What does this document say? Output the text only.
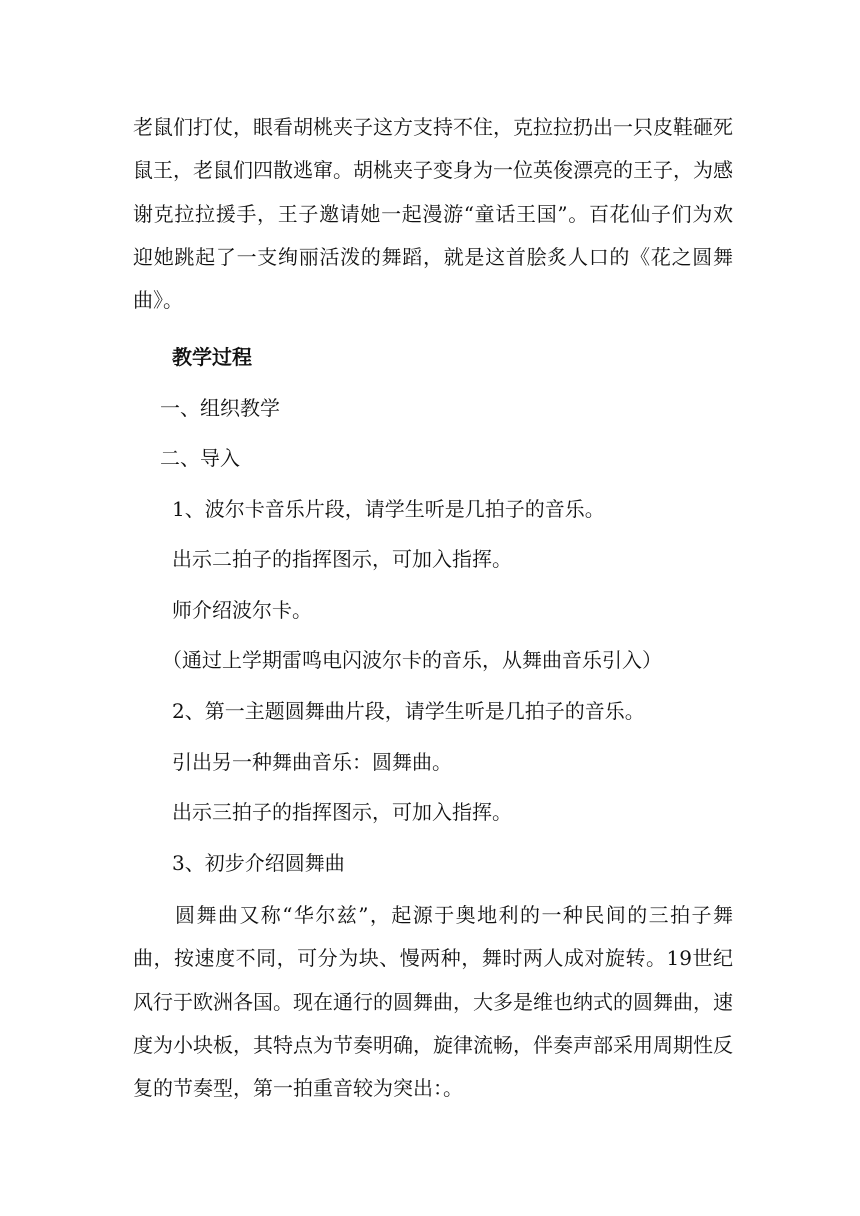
老鼠们打仗，眼看胡桃夹子这方支持不住，克拉拉扔出一只皮鞋砸死鼠王，老鼠们四散逃窜。胡桃夹子变身为一位英俊漂亮的王子，为感谢克拉拉援手，王子邀请她一起漫游“童话王国”。百花仙子们为欢迎她跳起了一支绚丽活泼的舞蹈，就是这首脍炙人口的《花之圆舞曲》。
教学过程
一、组织教学
二、导入
1、波尔卡音乐片段，请学生听是几拍子的音乐。
出示二拍子的指挥图示，可加入指挥。
师介绍波尔卡。
（通过上学期雷鸣电闪波尔卡的音乐，从舞曲音乐引入）
2、第一主题圆舞曲片段，请学生听是几拍子的音乐。
引出另一种舞曲音乐：圆舞曲。
出示三拍子的指挥图示，可加入指挥。
3、初步介绍圆舞曲
圆舞曲又称“华尔兹”，起源于奥地利的一种民间的三拍子舞曲，按速度不同，可分为块、慢两种，舞时两人成对旋转。19世纪风行于欧洲各国。现在通行的圆舞曲，大多是维也纳式的圆舞曲，速度为小块板，其特点为节奏明确，旋律流畅，伴奏声部采用周期性反复的节奏型，第一拍重音较为突出：。
